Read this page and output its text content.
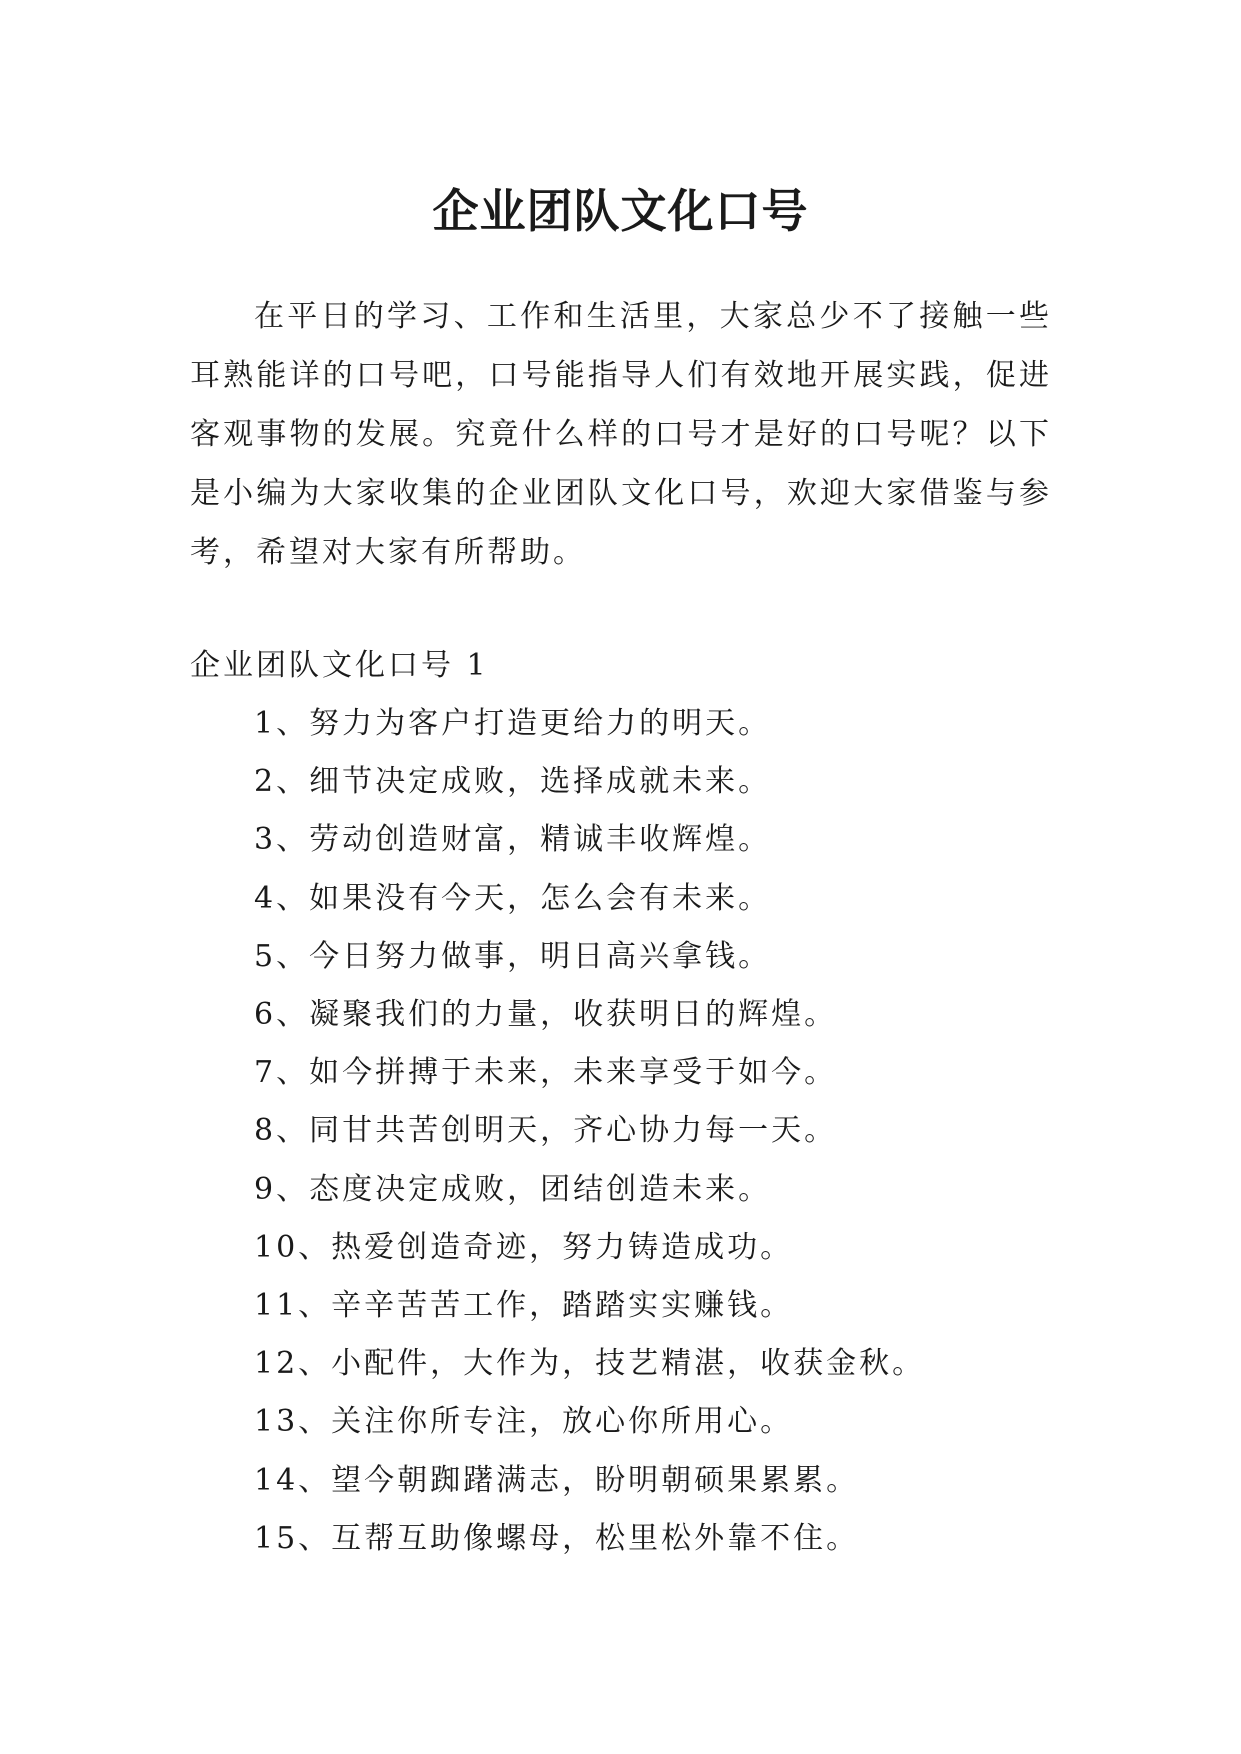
企业团队文化口号

在平日的学习、工作和生活里，大家总少不了接触一些耳熟能详的口号吧，口号能指导人们有效地开展实践，促进客观事物的发展。究竟什么样的口号才是好的口号呢？以下是小编为大家收集的企业团队文化口号，欢迎大家借鉴与参考，希望对大家有所帮助。

企业团队文化口号 1

1、努力为客户打造更给力的明天。
2、细节决定成败，选择成就未来。
3、劳动创造财富，精诚丰收辉煌。
4、如果没有今天，怎么会有未来。
5、今日努力做事，明日高兴拿钱。
6、凝聚我们的力量，收获明日的辉煌。
7、如今拼搏于未来，未来享受于如今。
8、同甘共苦创明天，齐心协力每一天。
9、态度决定成败，团结创造未来。
10、热爱创造奇迹，努力铸造成功。
11、辛辛苦苦工作，踏踏实实赚钱。
12、小配件，大作为，技艺精湛，收获金秋。
13、关注你所专注，放心你所用心。
14、望今朝踟躇满志，盼明朝硕果累累。
15、互帮互助像螺母，松里松外靠不住。
